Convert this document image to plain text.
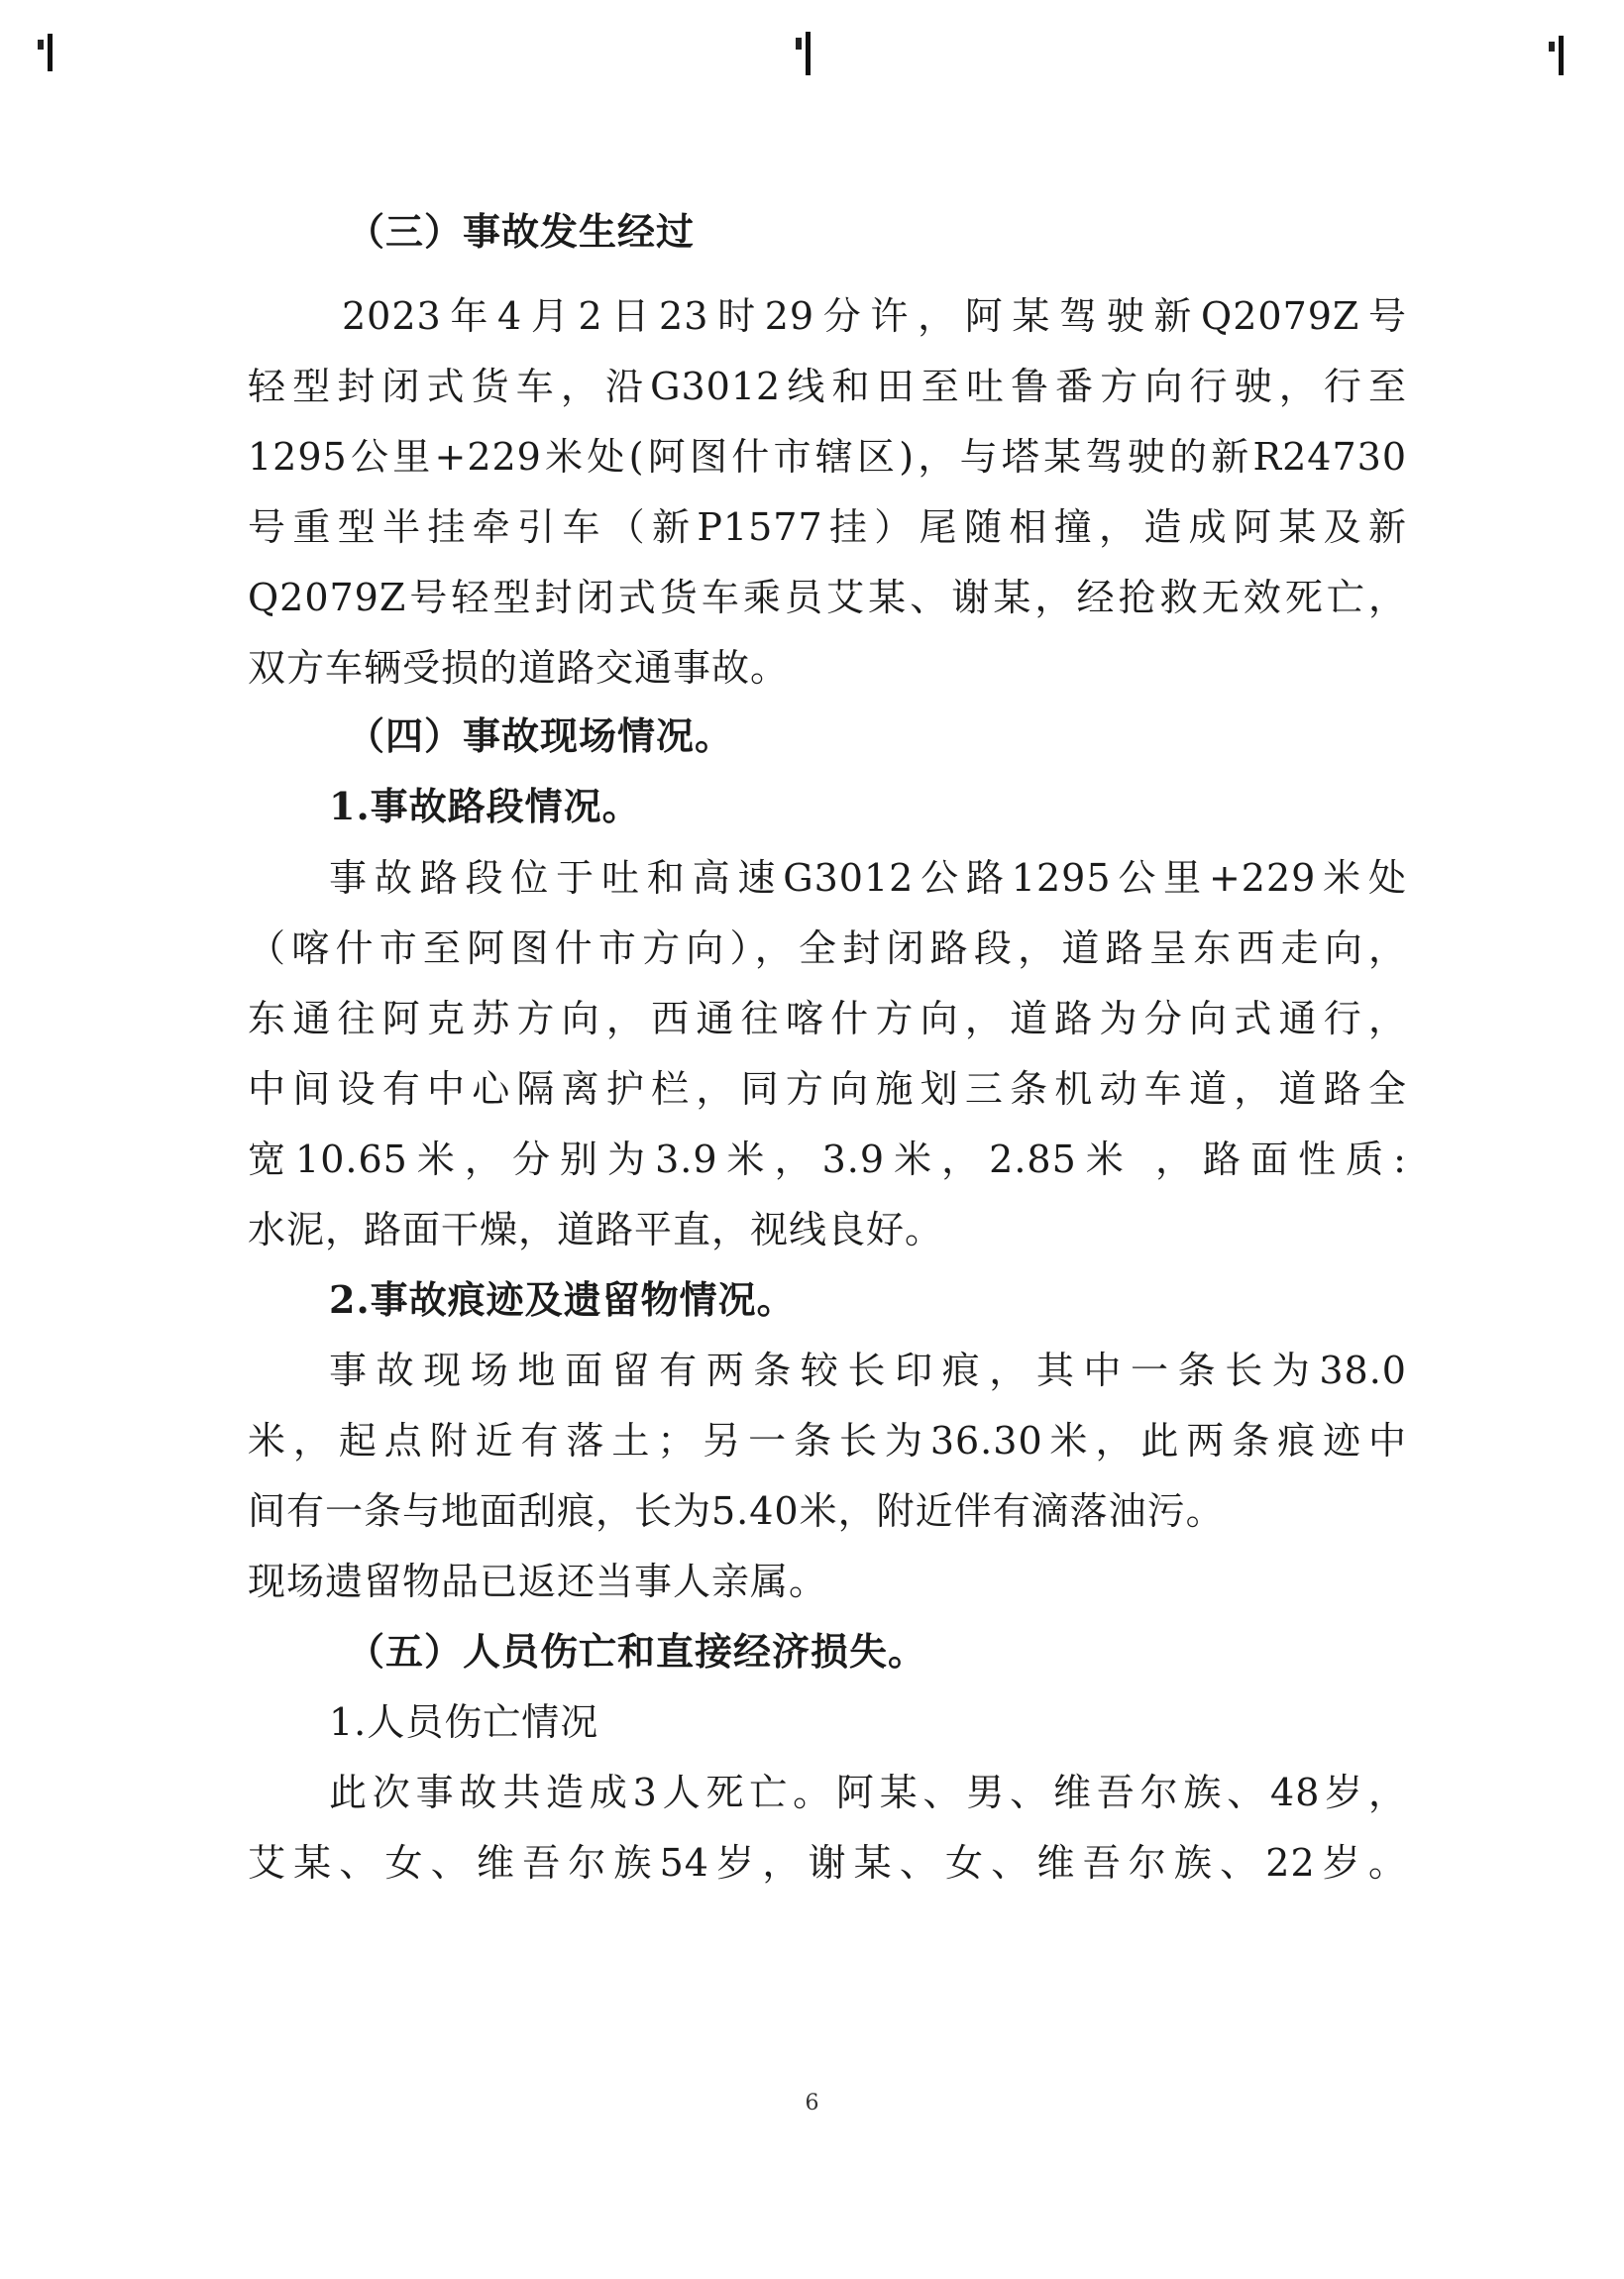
（三）事故发生经过
2023年4月2日23时29分许，阿某驾驶新Q2079Z号
轻型封闭式货车，沿G3012线和田至吐鲁番方向行驶，行至
1295公里+229米处(阿图什市辖区)，与塔某驾驶的新R24730
号重型半挂牵引车（新P1577挂）尾随相撞，造成阿某及新
Q2079Z号轻型封闭式货车乘员艾某、谢某，经抢救无效死亡，
双方车辆受损的道路交通事故。
（四）事故现场情况。
1.事故路段情况。
事故路段位于吐和高速G3012公路1295公里+229米处
（喀什市至阿图什市方向），全封闭路段，道路呈东西走向，
东通往阿克苏方向，西通往喀什方向，道路为分向式通行，
中间设有中心隔离护栏，同方向施划三条机动车道，道路全
宽10.65米，分别为3.9米，3.9米，2.85米 ，路面性质:
水泥，路面干燥，道路平直，视线良好。
2.事故痕迹及遗留物情况。
事故现场地面留有两条较长印痕，其中一条长为38.0
米，起点附近有落土；另一条长为36.30米，此两条痕迹中
间有一条与地面刮痕，长为5.40米，附近伴有滴落油污。
现场遗留物品已返还当事人亲属。
（五）人员伤亡和直接经济损失。
1.人员伤亡情况
此次事故共造成3人死亡。阿某、男、维吾尔族、48岁，
艾某、女、维吾尔族54岁，谢某、女、维吾尔族、22岁。
6
